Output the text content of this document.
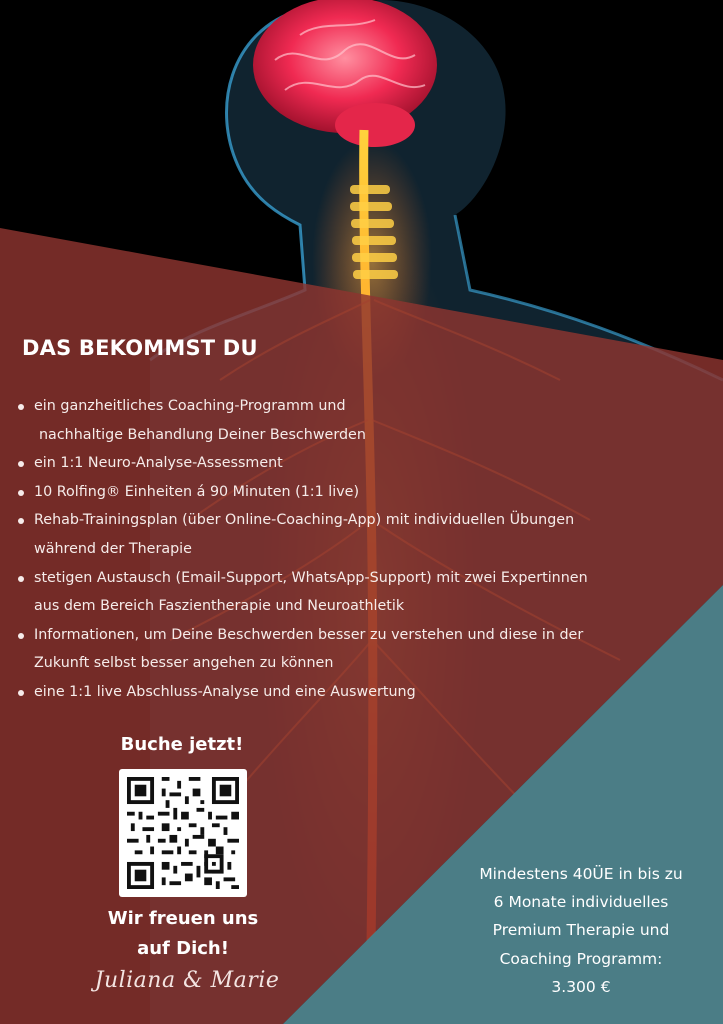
DAS BEKOMMST DU
ein ganzheitliches Coaching-Programm und
nachhaltige Behandlung Deiner Beschwerden
ein 1:1 Neuro-Analyse-Assessment
10 Rolfing® Einheiten á 90 Minuten (1:1 live)
Rehab-Trainingsplan (über Online-Coaching-App) mit individuellen Übungen
während der Therapie
stetigen Austausch (Email-Support, WhatsApp-Support) mit zwei Expertinnen
aus dem Bereich Faszientherapie und Neuroathletik
Informationen, um Deine Beschwerden besser zu verstehen und diese in der
Zukunft selbst besser angehen zu können
eine 1:1 live Abschluss-Analyse und eine Auswertung
Buche jetzt!
Wir freuen uns
auf Dich!
Juliana & Marie
Mindestens 40ÜE in bis zu
6 Monate individuelles
Premium Therapie und
Coaching Programm:
3.300 €
